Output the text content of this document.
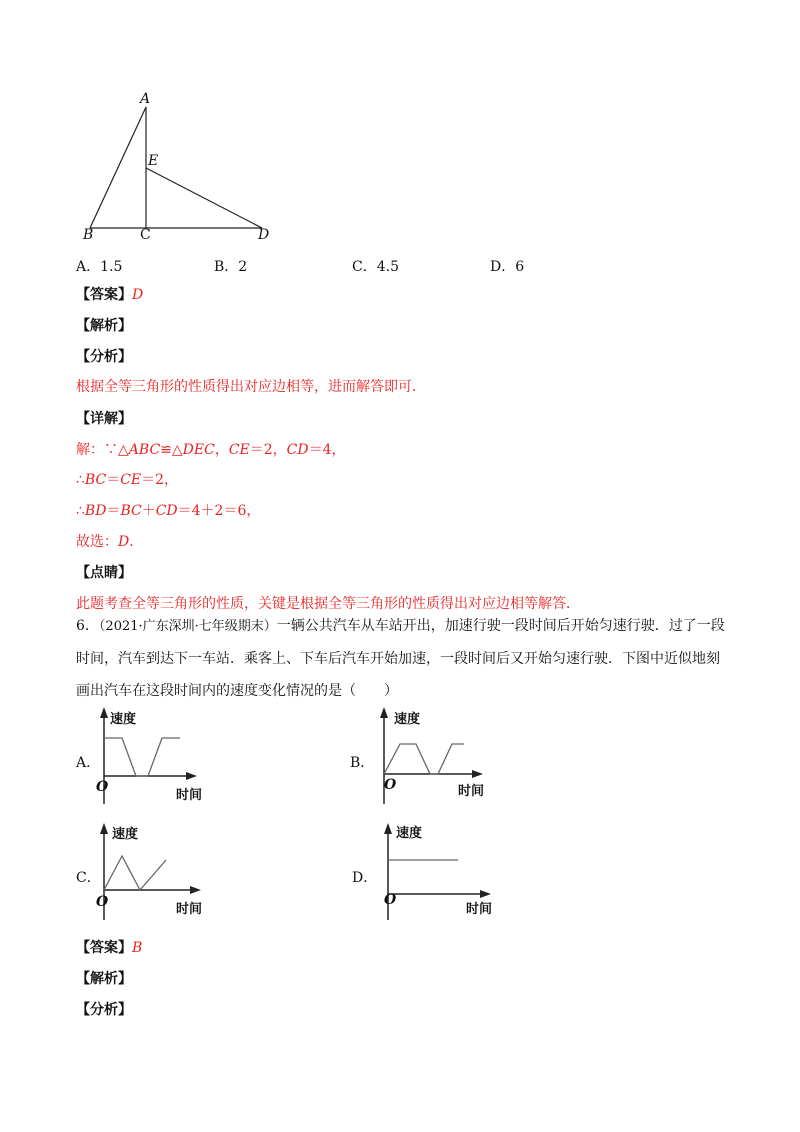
A
E
B	C	D
A．1.5	B．2	C．4.5	D．6
【答案】D
【解析】
【分析】
根据全等三角形的性质得出对应边相等，进而解答即可．
【详解】
解：∵△ABC≌△DEC，CE＝2，CD＝4，
∴BC＝CE＝2，
∴BD＝BC＋CD＝4＋2＝6，
故选：D．
【点睛】
此题考查全等三角形的性质，关键是根据全等三角形的性质得出对应边相等解答．
6．（2021·广东深圳·七年级期末）一辆公共汽车从车站开出，加速行驶一段时间后开始匀速行驶．过了一段时间，汽车到达下一车站．乘客上、下车后汽车开始加速，一段时间后又开始匀速行驶．下图中近似地刻画出汽车在这段时间内的速度变化情况的是（　　）
A．
速度
时间
O
B．
速度
时间
O
C．
速度
时间
O
D．
速度
时间
O
【答案】B
【解析】
【分析】
